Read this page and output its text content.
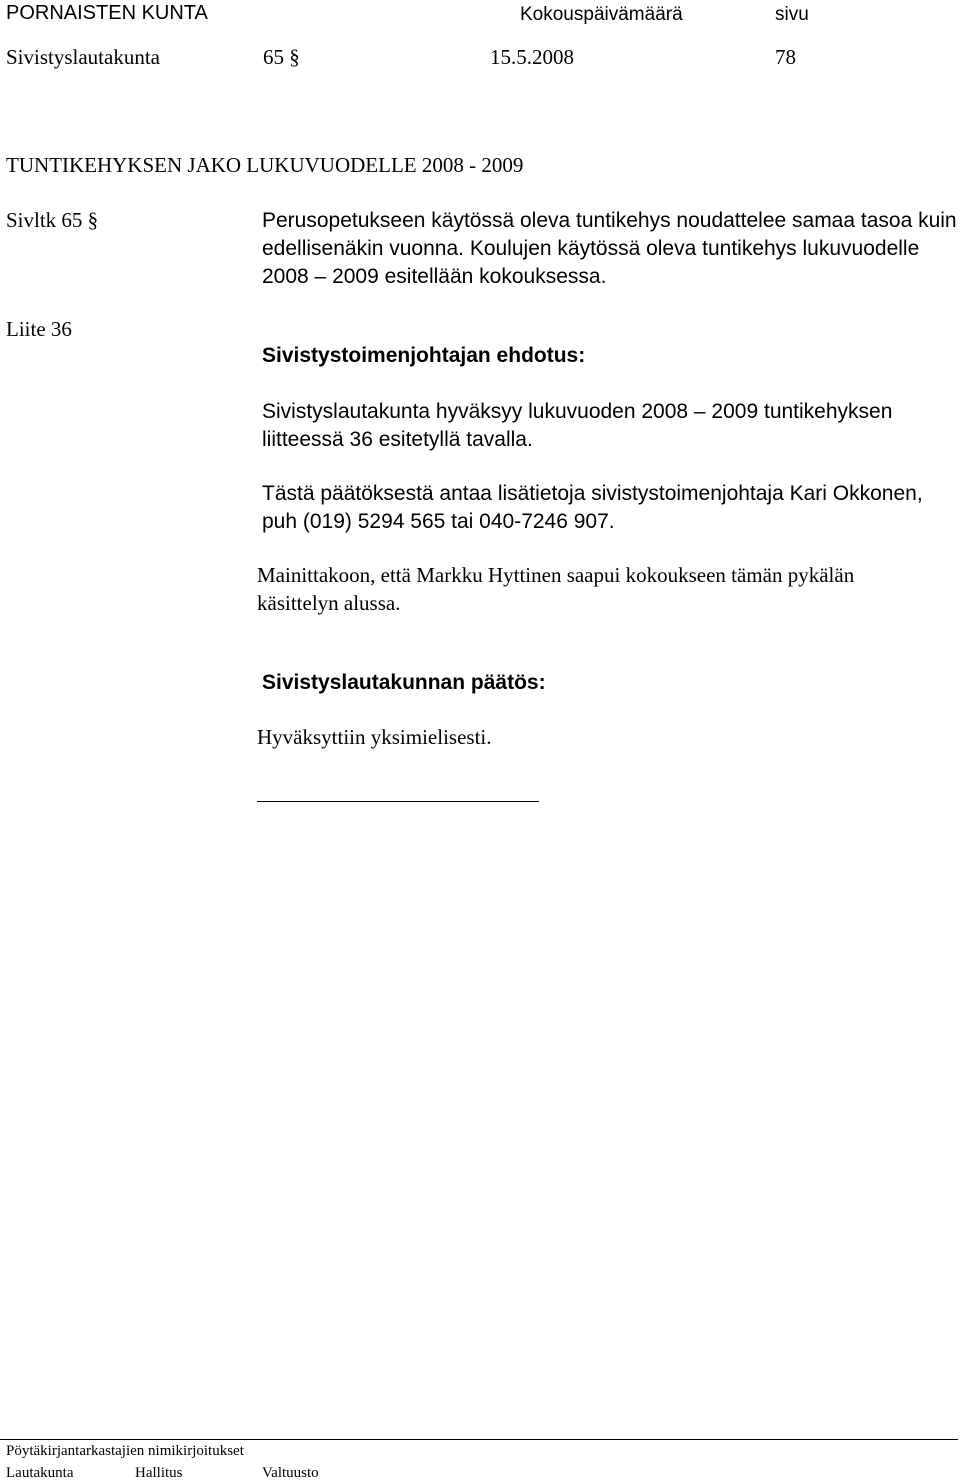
PORNAISTEN KUNTA	Kokouspäivämäärä	sivu
Sivistyslautakunta	65 §	15.5.2008	78
TUNTIKEHYKSEN JAKO LUKUVUODELLE 2008 - 2009
Sivltk 65 §
Liite 36
Perusopetukseen käytössä oleva tuntikehys noudattelee samaa tasoa kuin
edellisenäkin vuonna. Koulujen käytössä oleva tuntikehys lukuvuodelle
2008 – 2009 esitellään kokouksessa.
Sivistystoimenjohtajan ehdotus:
Sivistyslautakunta hyväksyy lukuvuoden 2008 – 2009 tuntikehyksen
liitteessä 36 esitetyllä tavalla.
Tästä päätöksestä antaa lisätietoja sivistystoimenjohtaja Kari Okkonen,
puh (019) 5294 565 tai 040-7246 907.
Mainittakoon, että Markku Hyttinen saapui kokoukseen tämän pykälän
käsittelyn alussa.
Sivistyslautakunnan päätös:
Hyväksyttiin yksimielisesti.
Pöytäkirjantarkastajien nimikirjoitukset
Lautakunta	Hallitus	Valtuusto
